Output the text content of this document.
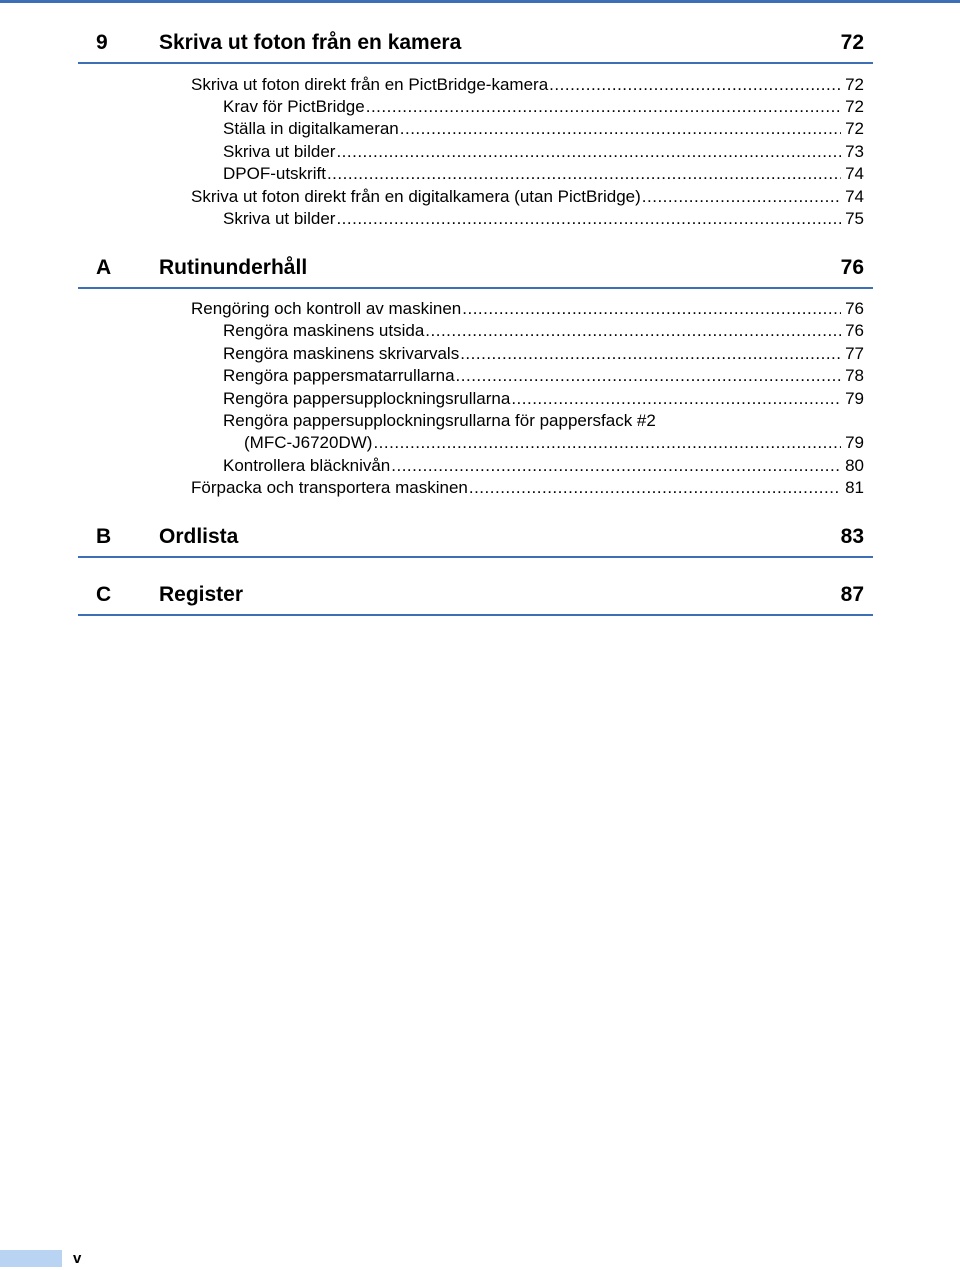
9 Skriva ut foton från en kamera	72
Skriva ut foton direkt från en PictBridge-kamera .....	72
Krav för PictBridge .....	72
Ställa in digitalkameran .....	72
Skriva ut bilder .....	73
DPOF-utskrift .....	74
Skriva ut foton direkt från en digitalkamera (utan PictBridge) .....	74
Skriva ut bilder .....	75
A Rutinunderhåll	76
Rengöring och kontroll av maskinen .....	76
Rengöra maskinens utsida .....	76
Rengöra maskinens skrivarvals .....	77
Rengöra pappersmatarrullarna .....	78
Rengöra pappersupplockningsrullarna .....	79
Rengöra pappersupplockningsrullarna för pappersfack #2
(MFC-J6720DW) .....	79
Kontrollera bläcknivån .....	80
Förpacka och transportera maskinen .....	81
B Ordlista	83
C Register	87
v
